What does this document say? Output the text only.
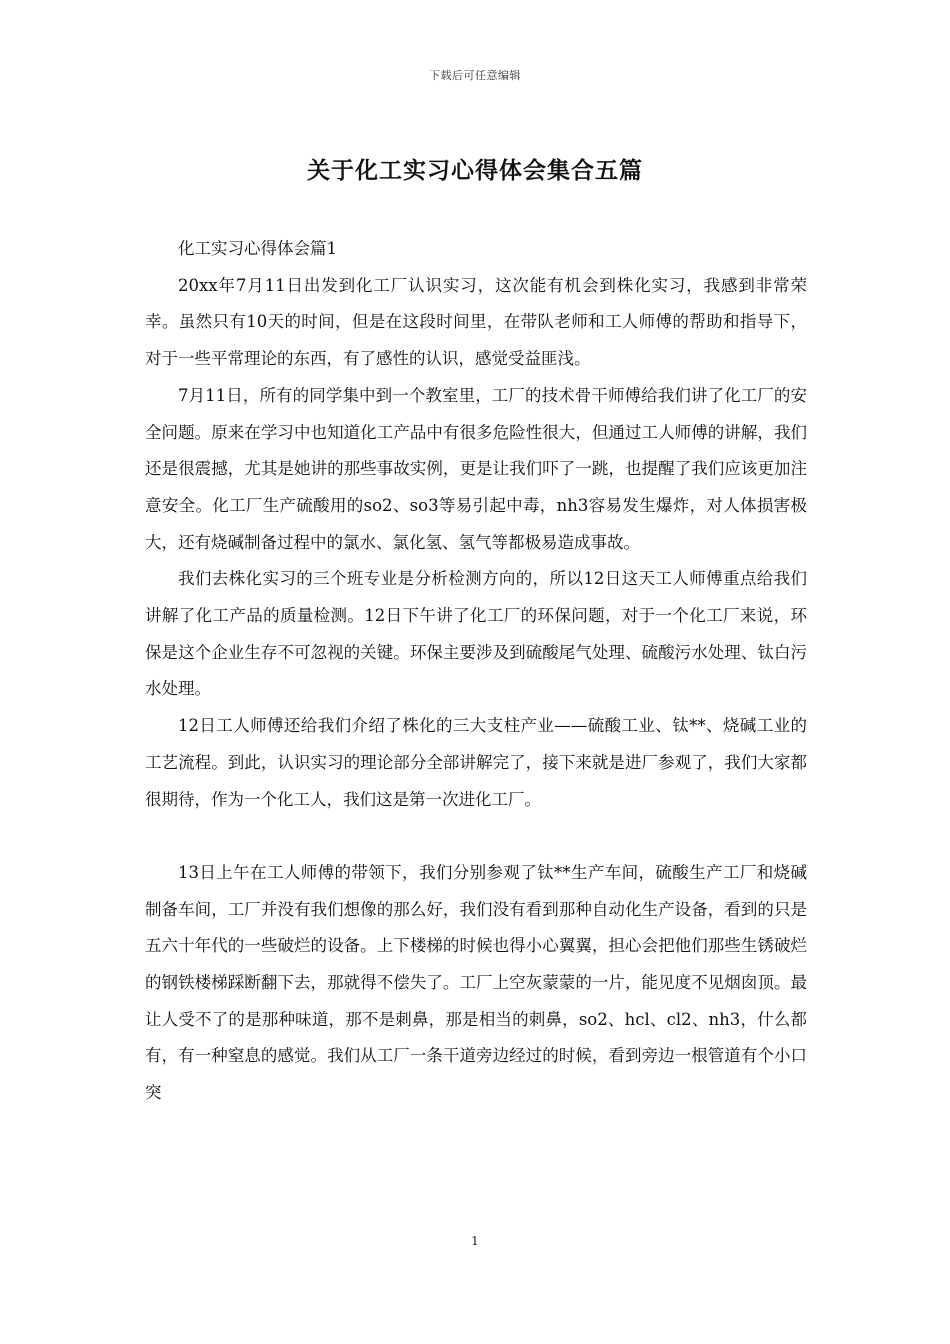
下载后可任意编辑
关于化工实习心得体会集合五篇

化工实习心得体会篇1

20xx年7月11日出发到化工厂认识实习，这次能有机会到株化实习，我感到非常荣幸。虽然只有10天的时间，但是在这段时间里，在带队老师和工人师傅的帮助和指导下，对于一些平常理论的东西，有了感性的认识，感觉受益匪浅。

7月11日，所有的同学集中到一个教室里，工厂的技术骨干师傅给我们讲了化工厂的安全问题。原来在学习中也知道化工产品中有很多危险性很大，但通过工人师傅的讲解，我们还是很震撼，尤其是她讲的那些事故实例，更是让我们吓了一跳，也提醒了我们应该更加注意安全。化工厂生产硫酸用的so2、so3等易引起中毒，nh3容易发生爆炸，对人体损害极大，还有烧碱制备过程中的氯水、氯化氢、氢气等都极易造成事故。

我们去株化实习的三个班专业是分析检测方向的，所以12日这天工人师傅重点给我们讲解了化工产品的质量检测。12日下午讲了化工厂的环保问题，对于一个化工厂来说，环保是这个企业生存不可忽视的关键。环保主要涉及到硫酸尾气处理、硫酸污水处理、钛白污水处理。

12日工人师傅还给我们介绍了株化的三大支柱产业——硫酸工业、钛**、烧碱工业的工艺流程。到此，认识实习的理论部分全部讲解完了，接下来就是进厂参观了，我们大家都很期待，作为一个化工人，我们这是第一次进化工厂。

13日上午在工人师傅的带领下，我们分别参观了钛**生产车间，硫酸生产工厂和烧碱制备车间，工厂并没有我们想像的那么好，我们没有看到那种自动化生产设备，看到的只是五六十年代的一些破烂的设备。上下楼梯的时候也得小心翼翼，担心会把他们那些生锈破烂的钢铁楼梯踩断翻下去，那就得不偿失了。工厂上空灰蒙蒙的一片，能见度不见烟囱顶。最让人受不了的是那种味道，那不是刺鼻，那是相当的刺鼻，so2、hcl、cl2、nh3，什么都有，有一种窒息的感觉。我们从工厂一条干道旁边经过的时候，看到旁边一根管道有个小口突

1
